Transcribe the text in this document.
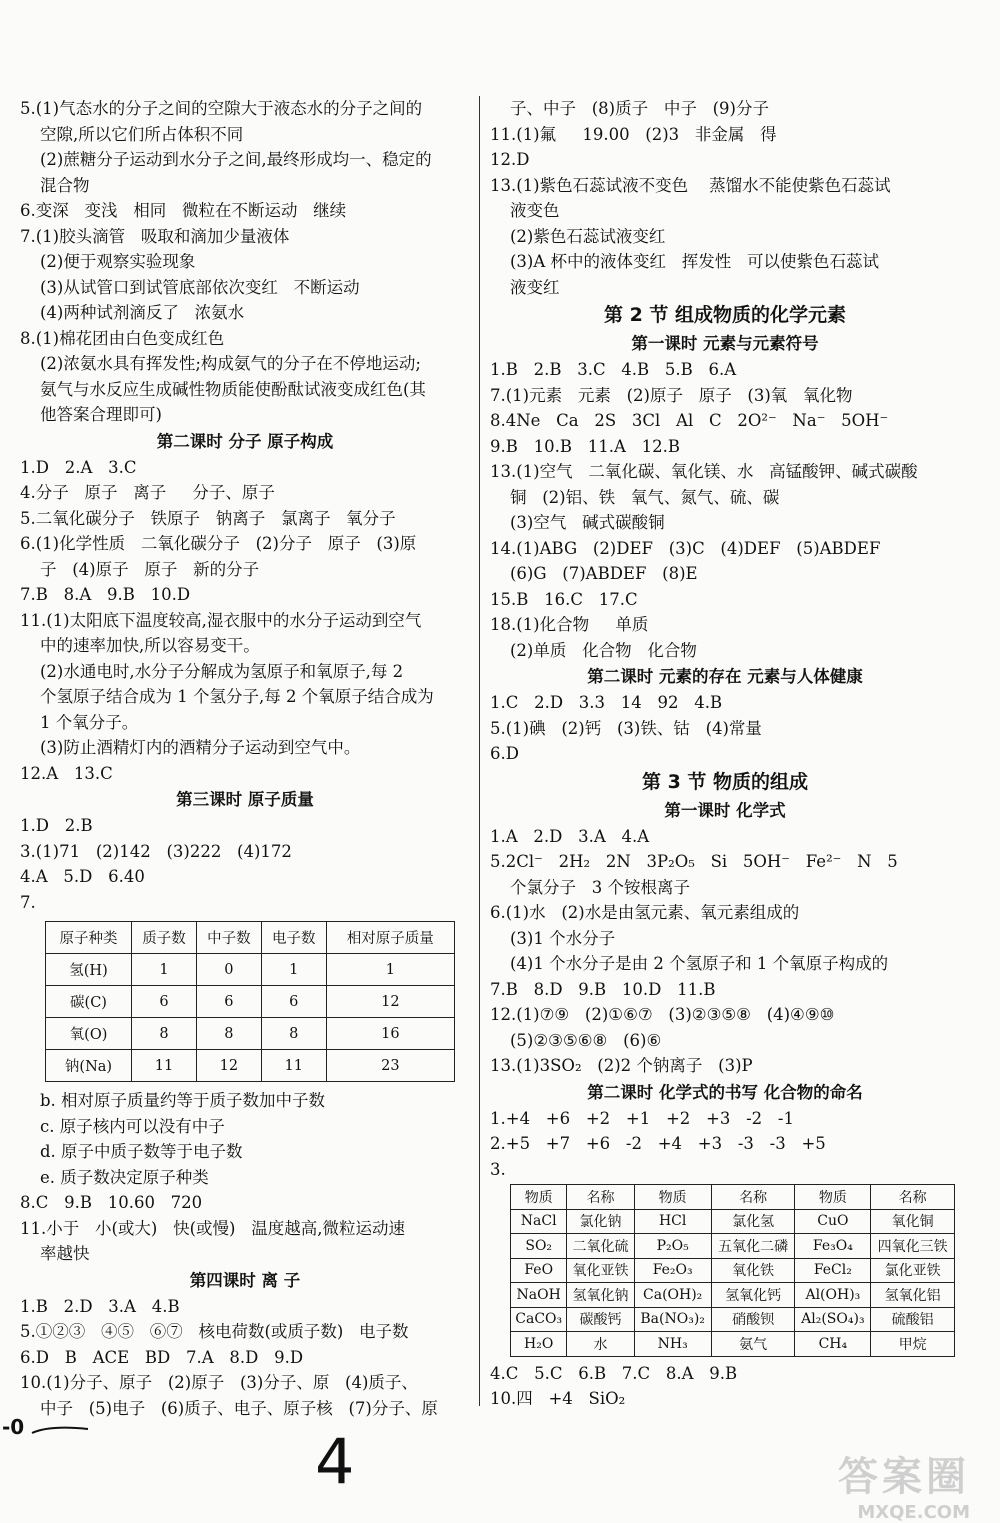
5.(1)气态水的分子之间的空隙大于液态水的分子之间的
空隙,所以它们所占体积不同
(2)蔗糖分子运动到水分子之间,最终形成均一、稳定的
混合物
6.变深   变浅   相同   微粒在不断运动   继续
7.(1)胶头滴管   吸取和滴加少量液体
(2)便于观察实验现象
(3)从试管口到试管底部依次变红   不断运动
(4)两种试剂滴反了   浓氨水
8.(1)棉花团由白色变成红色
(2)浓氨水具有挥发性;构成氨气的分子在不停地运动;
氨气与水反应生成碱性物质能使酚酞试液变成红色(其
他答案合理即可)
第二课时 分子 原子构成
1.D   2.A   3.C
4.分子   原子   离子     分子、原子
5.二氧化碳分子   铁原子   钠离子   氯离子   氧分子
6.(1)化学性质   二氧化碳分子   (2)分子   原子   (3)原
子   (4)原子   原子   新的分子
7.B   8.A   9.B   10.D
11.(1)太阳底下温度较高,湿衣服中的水分子运动到空气
中的速率加快,所以容易变干。
(2)水通电时,水分子分解成为氢原子和氧原子,每 2
个氢原子结合成为 1 个氢分子,每 2 个氧原子结合成为
1 个氧分子。
(3)防止酒精灯内的酒精分子运动到空气中。
12.A   13.C
第三课时 原子质量
1.D   2.B
3.(1)71   (2)142   (3)222   (4)172
4.A   5.D   6.40
7.
原子种类	质子数	中子数	电子数	相对原子质量
氢(H)	1	0	1	1
碳(C)	6	6	6	12
氧(O)	8	8	8	16
钠(Na)	11	12	11	23
b. 相对原子质量约等于质子数加中子数
c. 原子核内可以没有中子
d. 原子中质子数等于电子数
e. 质子数决定原子种类
8.C   9.B   10.60   720
11.小于   小(或大)   快(或慢)   温度越高,微粒运动速
率越快
第四课时 离 子
1.B   2.D   3.A   4.B
5.①②③   ④⑤   ⑥⑦   核电荷数(或质子数)   电子数
6.D   B   ACE   BD   7.A   8.D   9.D
10.(1)分子、原子   (2)原子   (3)分子、原   (4)质子、
中子   (5)电子   (6)质子、电子、原子核   (7)分子、原
子、中子   (8)质子   中子   (9)分子
11.(1)氟     19.00   (2)3   非金属   得
12.D
13.(1)紫色石蕊试液不变色    蒸馏水不能使紫色石蕊试
液变色
(2)紫色石蕊试液变红
(3)A 杯中的液体变红   挥发性   可以使紫色石蕊试
液变红
第 2 节 组成物质的化学元素
第一课时 元素与元素符号
1.B   2.B   3.C   4.B   5.B   6.A
7.(1)元素   元素   (2)原子   原子   (3)氧   氧化物
8.4Ne   Ca   2S   3Cl   Al   C   2O²⁻   Na⁻   5OH⁻
9.B   10.B   11.A   12.B
13.(1)空气   二氧化碳、氧化镁、水   高锰酸钾、碱式碳酸
铜   (2)铝、铁   氧气、氮气、硫、碳
(3)空气   碱式碳酸铜
14.(1)ABG   (2)DEF   (3)C   (4)DEF   (5)ABDEF
(6)G   (7)ABDEF   (8)E
15.B   16.C   17.C
18.(1)化合物     单质
(2)单质   化合物   化合物
第二课时 元素的存在 元素与人体健康
1.C   2.D   3.3   14   92   4.B
5.(1)碘   (2)钙   (3)铁、钴   (4)常量
6.D
第 3 节 物质的组成
第一课时 化学式
1.A   2.D   3.A   4.A
5.2Cl⁻   2H₂   2N   3P₂O₅   Si   5OH⁻   Fe²⁻   N   5
个氯分子   3 个铵根离子
6.(1)水   (2)水是由氢元素、氧元素组成的
(3)1 个水分子
(4)1 个水分子是由 2 个氢原子和 1 个氧原子构成的
7.B   8.D   9.B   10.D   11.B
12.(1)⑦⑨   (2)①⑥⑦   (3)②③⑤⑧   (4)④⑨⑩
(5)②③⑤⑥⑧   (6)⑥
13.(1)3SO₂   (2)2 个钠离子   (3)P
第二课时 化学式的书写 化合物的命名
1.+4   +6   +2   +1   +2   +3   -2   -1
2.+5   +7   +6   -2   +4   +3   -3   -3   +5
3.
物质	名称	物质	名称	物质	名称
NaCl	氯化钠	HCl	氯化氢	CuO	氧化铜
SO₂	二氧化硫	P₂O₅	五氧化二磷	Fe₃O₄	四氧化三铁
FeO	氧化亚铁	Fe₂O₃	氧化铁	FeCl₂	氯化亚铁
NaOH	氢氧化钠	Ca(OH)₂	氢氧化钙	Al(OH)₃	氢氧化铝
CaCO₃	碳酸钙	Ba(NO₃)₂	硝酸钡	Al₂(SO₄)₃	硫酸铝
H₂O	水	NH₃	氨气	CH₄	甲烷
4.C   5.C   6.B   7.C   8.A   9.B
10.四   +4   SiO₂
-0	4	答案圈
MXQE.COM
